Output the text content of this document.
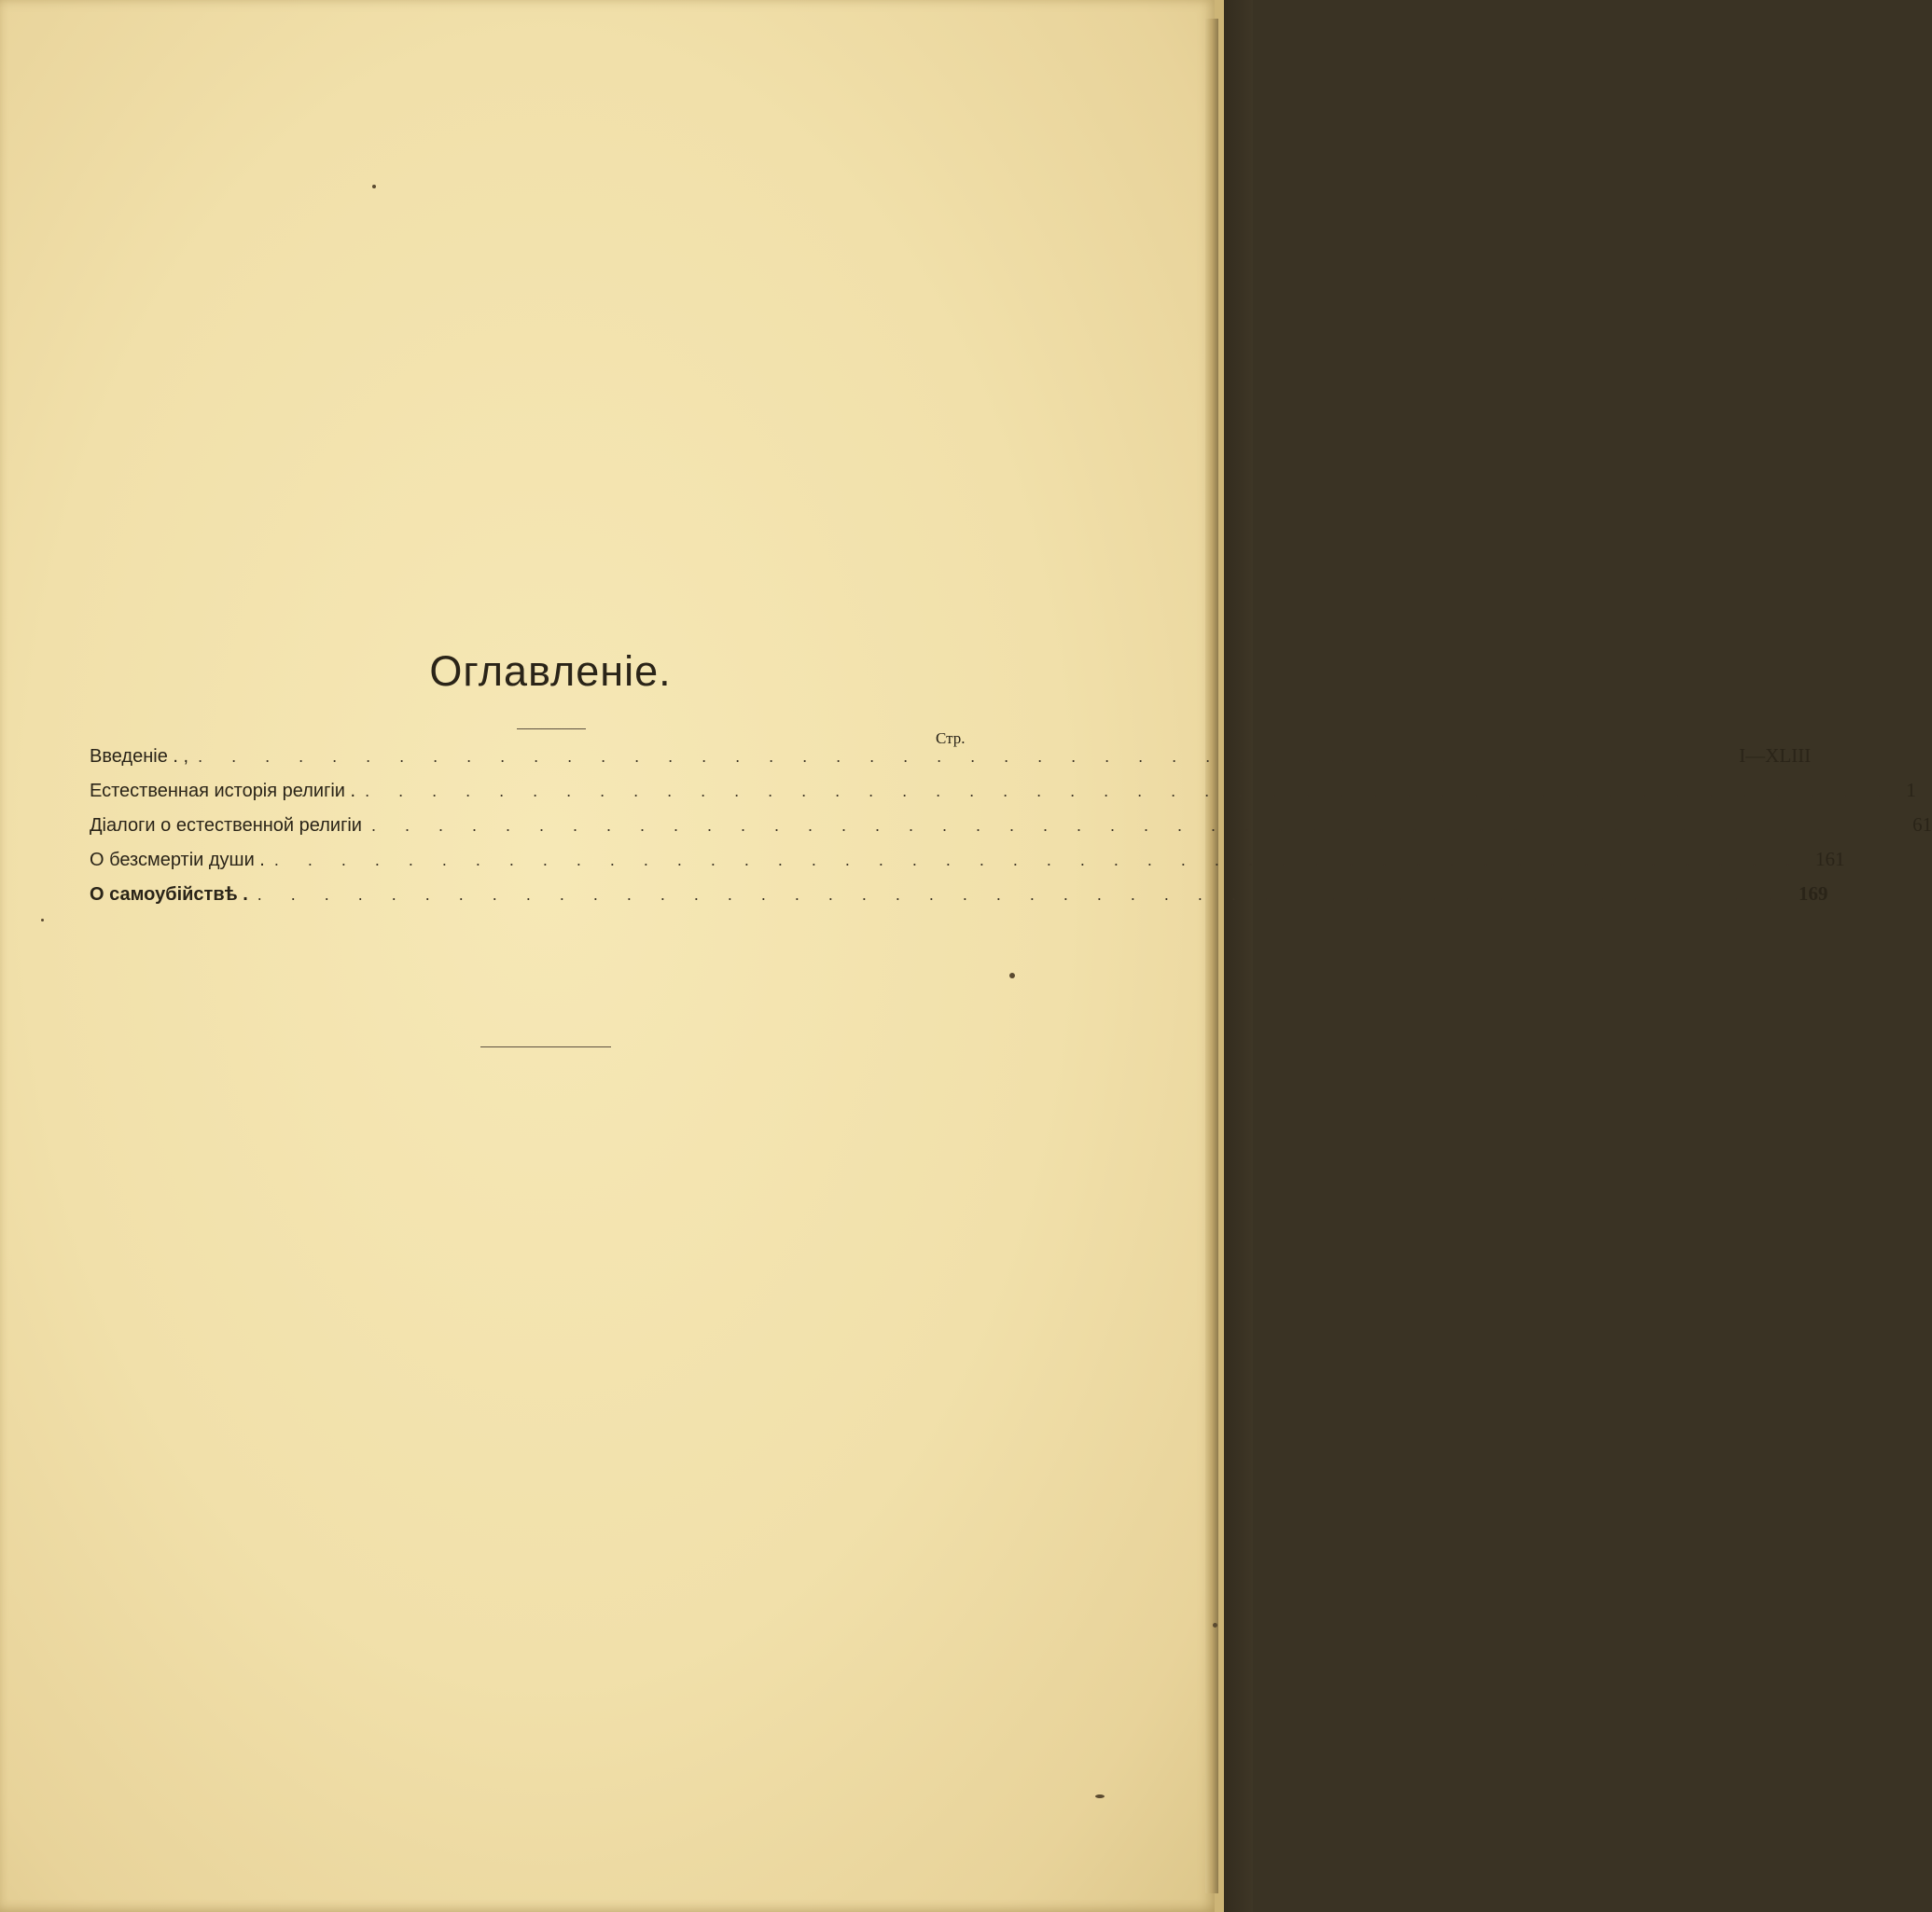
Оглавленіе.
Стр.
Введеніе . , . . . . . . . . . . . . . . . . . . . . . . . . . . . . . . . . . . . . . . . . . . . . . . I—XLIII
Естественная исторія религіи . . . . . . . . . . . . . . . . . . . . . . . . . . . . . . . . . . . . . . . . . . . . . . . 1
Діалоги о естественной религіи . . . . . . . . . . . . . . . . . . . . . . . . . . . . . . . . . . . . . . . . . . . . . . 61
О безсмертіи души . . . . . . . . . . . . . . . . . . . . . . . . . . . . . . . . . . . . . . . . . . . . . . . 161
О самоубійствѣ . . . . . . . . . . . . . . . . . . . . . . . . . . . . . . . . . . . . . . . . . . . . . . . 169
